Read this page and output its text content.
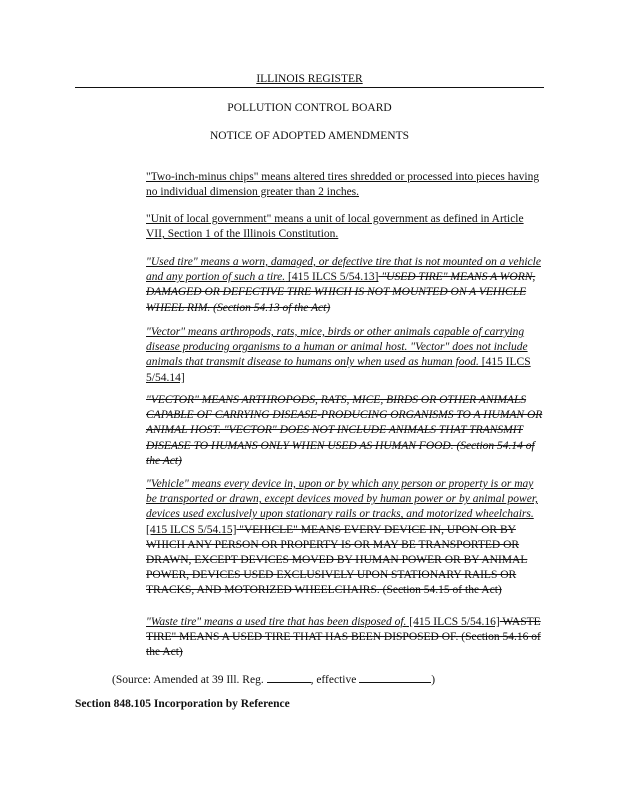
ILLINOIS REGISTER
POLLUTION CONTROL BOARD
NOTICE OF ADOPTED AMENDMENTS
"Two-inch-minus chips" means altered tires shredded or processed into pieces having no individual dimension greater than 2 inches.
"Unit of local government" means a unit of local government as defined in Article VII, Section 1 of the Illinois Constitution.
"Used tire" means a worn, damaged, or defective tire that is not mounted on a vehicle and any portion of such a tire. [415 ILCS 5/54.13] "USED TIRE" MEANS A WORN, DAMAGED OR DEFECTIVE TIRE WHICH IS NOT MOUNTED ON A VEHICLE WHEEL RIM. (Section 54.13 of the Act)
"Vector" means arthropods, rats, mice, birds or other animals capable of carrying disease producing organisms to a human or animal host. "Vector" does not include animals that transmit disease to humans only when used as human food. [415 ILCS 5/54.14]
"VECTOR" MEANS ARTHROPODS, RATS, MICE, BIRDS OR OTHER ANIMALS CAPABLE OF CARRYING DISEASE-PRODUCING ORGANISMS TO A HUMAN OR ANIMAL HOST. "VECTOR" DOES NOT INCLUDE ANIMALS THAT TRANSMIT DISEASE TO HUMANS ONLY WHEN USED AS HUMAN FOOD. (Section 54.14 of the Act)
"Vehicle" means every device in, upon or by which any person or property is or may be transported or drawn, except devices moved by human power or by animal power, devices used exclusively upon stationary rails or tracks, and motorized wheelchairs. [415 ILCS 5/54.15] "VEHICLE" MEANS EVERY DEVICE IN, UPON OR BY WHICH ANY PERSON OR PROPERTY IS OR MAY BE TRANSPORTED OR DRAWN, EXCEPT DEVICES MOVED BY HUMAN POWER OR BY ANIMAL POWER, DEVICES USED EXCLUSIVELY UPON STATIONARY RAILS OR TRACKS, AND MOTORIZED WHEELCHAIRS. (Section 54.15 of the Act)
"Waste tire" means a used tire that has been disposed of. [415 ILCS 5/54.16] WASTE TIRE" MEANS A USED TIRE THAT HAS BEEN DISPOSED OF. (Section 54.16 of the Act)
(Source: Amended at 39 Ill. Reg.	, effective	)
Section 848.105 Incorporation by Reference
